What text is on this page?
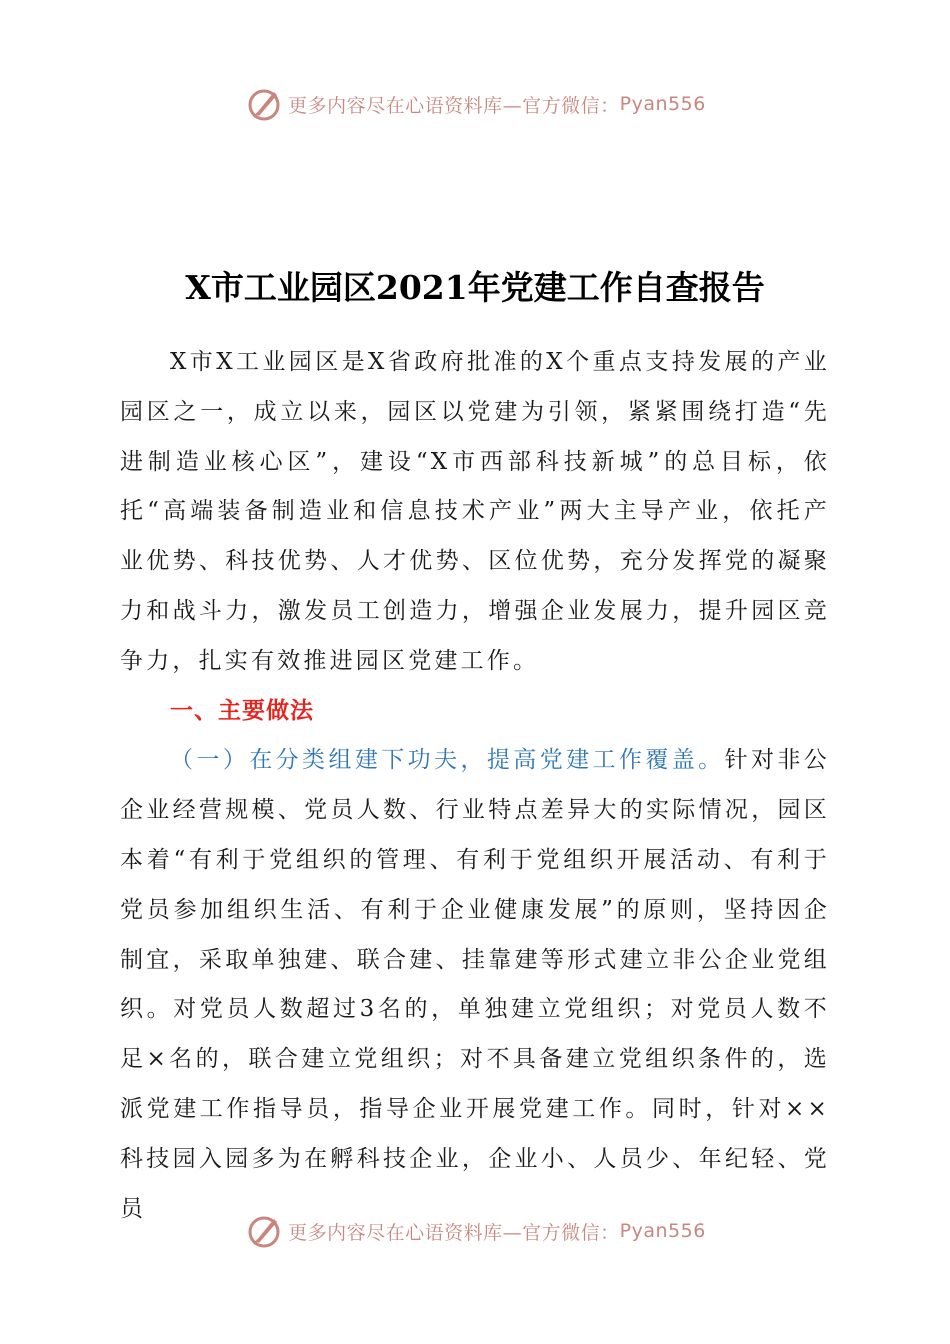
更多内容尽在心语资料库—官方微信： Pyan556
X市工业园区2021年党建工作自查报告

X市X工业园区是X省政府批准的X个重点支持发展的产业园区之一，成立以来，园区以党建为引领，紧紧围绕打造“先进制造业核心区”，建设“X市西部科技新城”的总目标，依托“高端装备制造业和信息技术产业”两大主导产业，依托产业优势、科技优势、人才优势、区位优势，充分发挥党的凝聚力和战斗力，激发员工创造力，增强企业发展力，提升园区竞争力，扎实有效推进园区党建工作。

一、主要做法

（一）在分类组建下功夫，提高党建工作覆盖。针对非公企业经营规模、党员人数、行业特点差异大的实际情况，园区本着“有利于党组织的管理、有利于党组织开展活动、有利于党员参加组织生活、有利于企业健康发展”的原则，坚持因企制宜，采取单独建、联合建、挂靠建等形式建立非公企业党组织。对党员人数超过3名的，单独建立党组织；对党员人数不足×名的，联合建立党组织；对不具备建立党组织条件的，选派党建工作指导员，指导企业开展党建工作。同时，针对××科技园入园多为在孵科技企业，企业小、人员少、年纪轻、党员

更多内容尽在心语资料库—官方微信： Pyan556
